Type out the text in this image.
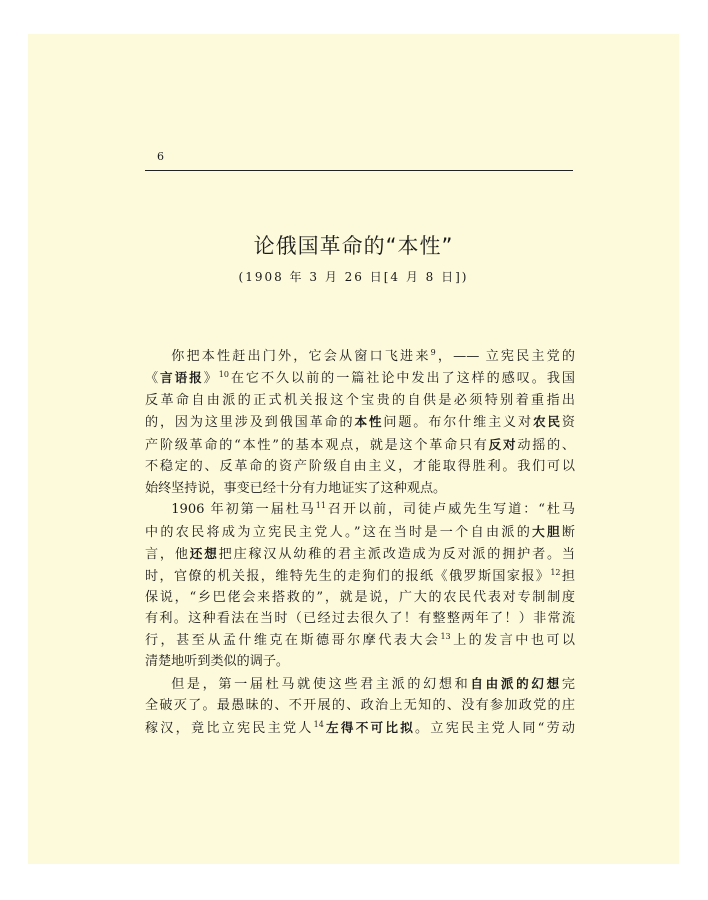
6
论俄国革命的“本性”
(1908 年 3 月 26 日[4 月 8 日])

你把本性赶出门外，它会从窗口飞进来$^9$，—— 立宪民主党的
《言语报》$^{10}$在它不久以前的一篇社论中发出了这样的感叹。我国
反革命自由派的正式机关报这个宝贵的自供是必须特别着重指出
的，因为这里涉及到俄国革命的本性问题。布尔什维主义对农民资
产阶级革命的“本性”的基本观点，就是这个革命只有反对动摇的、
不稳定的、反革命的资产阶级自由主义，才能取得胜利。我们可以
始终坚持说，事变已经十分有力地证实了这种观点。

1906 年初第一届杜马$^{11}$召开以前，司徒卢威先生写道：“杜马
中的农民将成为立宪民主党人。”这在当时是一个自由派的大胆断
言，他还想把庄稼汉从幼稚的君主派改造成为反对派的拥护者。当
时，官僚的机关报，维特先生的走狗们的报纸《俄罗斯国家报》$^{12}$担
保说，“乡巴佬会来搭救的”，就是说，广大的农民代表对专制制度
有利。这种看法在当时（已经过去很久了！有整整两年了！）非常流
行，甚至从孟什维克在斯德哥尔摩代表大会$^{13}$上的发言中也可以
清楚地听到类似的调子。

但是，第一届杜马就使这些君主派的幻想和自由派的幻想完
全破灭了。最愚昧的、不开展的、政治上无知的、没有参加政党的庄
稼汉，竟比立宪民主党人$^{14}$左得不可比拟。立宪民主党人同“劳动
